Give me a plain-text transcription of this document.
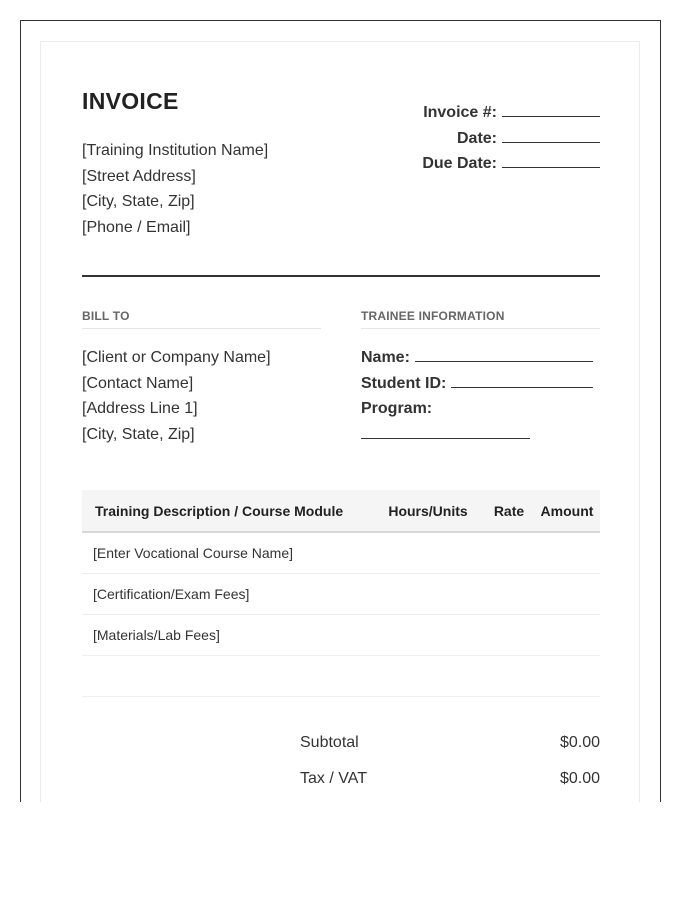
INVOICE
[Training Institution Name]
[Street Address]
[City, State, Zip]
[Phone / Email]
Invoice #:
Date:
Due Date:
BILL TO	TRAINEE INFORMATION
[Client or Company Name]
[Contact Name]
[Address Line 1]
[City, State, Zip]
Name:
Student ID:
Program:
Training Description / Course Module	Hours/Units	Rate	Amount
[Enter Vocational Course Name]			
[Certification/Exam Fees]			
[Materials/Lab Fees]			

Subtotal	$0.00
Tax / VAT	$0.00
